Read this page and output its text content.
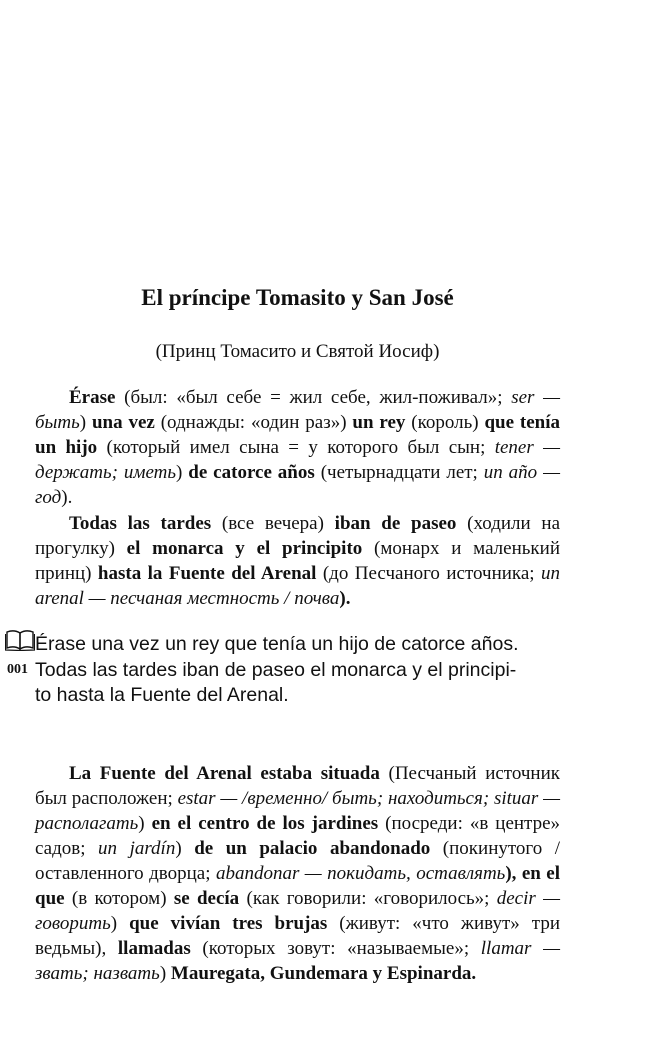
El príncipe Tomasito y San José
(Принц Томасито и Святой Иосиф)

Érase (был: «был себе = жил себе, жил-поживал»; ser — быть) una vez (однажды: «один раз») un rey (король) que tenía un hijo (который имел сына = у которого был сын; tener — держать; иметь) de catorce años (четырнадцати лет; un año — год).

Todas las tardes (все вечера) iban de paseo (ходили на прогулку) el monarca y el principito (монарх и маленький принц) hasta la Fuente del Arenal (до Песчаного источника; un arenal — песчаная местность / почва).

001
Érase una vez un rey que tenía un hijo de catorce años.
Todas las tardes iban de paseo el monarca y el principi-
to hasta la Fuente del Arenal.

La Fuente del Arenal estaba situada (Песчаный источник был расположен; estar — /временно/ быть; находиться; situar — располагать) en el centro de los jardines (посреди: «в центре» садов; un jardín) de un palacio abandonado (покинутого / оставленного дворца; abandonar — покидать, оставлять), en el que (в котором) se decía (как говорили: «говорилось»; decir — говорить) que vivían tres brujas (живут: «что живут» три ведьмы), llamadas (которых зовут: «называемые»; llamar — звать; назвать) Mauregata, Gundemara y Espinarda.
